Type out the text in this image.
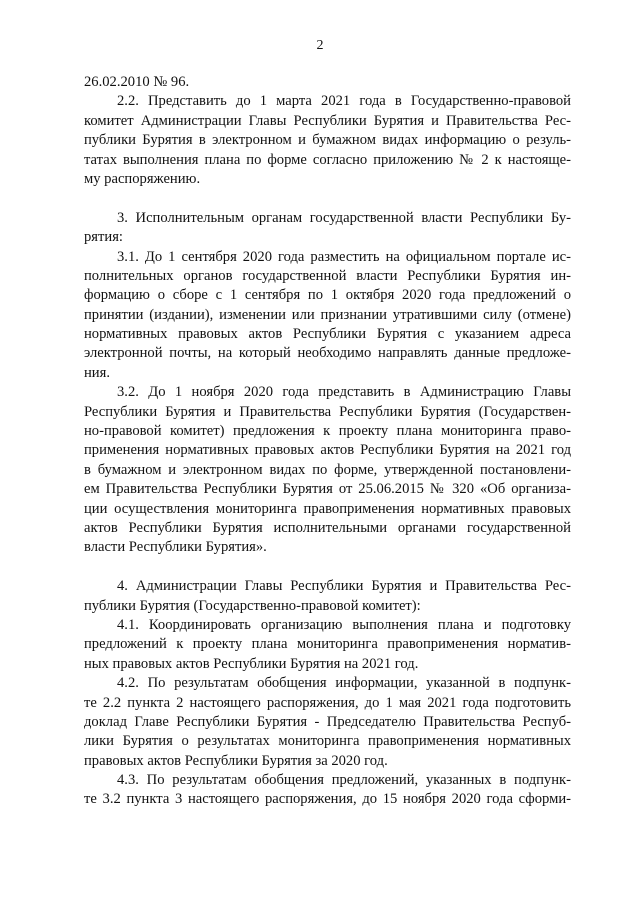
2
26.02.2010 № 96.
2.2. Представить до 1 марта 2021 года в Государственно-правовой
комитет Администрации Главы Республики Бурятия и Правительства Рес-
публики Бурятия в электронном и бумажном видах информацию о резуль-
татах выполнения плана по форме согласно приложению № 2 к настояще-
му распоряжению.
3. Исполнительным органам государственной власти Республики Бу-
рятия:
3.1. До 1 сентября 2020 года разместить на официальном портале ис-
полнительных органов государственной власти Республики Бурятия ин-
формацию о сборе с 1 сентября по 1 октября 2020 года предложений о
принятии (издании), изменении или признании утратившими силу (отмене)
нормативных правовых актов Республики Бурятия с указанием адреса
электронной почты, на который необходимо направлять данные предложе-
ния.
3.2. До 1 ноября 2020 года представить в Администрацию Главы
Республики Бурятия и Правительства Республики Бурятия (Государствен-
но-правовой комитет) предложения к проекту плана мониторинга право-
применения нормативных правовых актов Республики Бурятия на 2021 год
в бумажном и электронном видах по форме, утвержденной постановлени-
ем Правительства Республики Бурятия от 25.06.2015 № 320 «Об организа-
ции осуществления мониторинга правоприменения нормативных правовых
актов Республики Бурятия исполнительными органами государственной
власти Республики Бурятия».
4. Администрации Главы Республики Бурятия и Правительства Рес-
публики Бурятия (Государственно-правовой комитет):
4.1. Координировать организацию выполнения плана и подготовку
предложений к проекту плана мониторинга правоприменения норматив-
ных правовых актов Республики Бурятия на 2021 год.
4.2. По результатам обобщения информации, указанной в подпунк-
те 2.2 пункта 2 настоящего распоряжения, до 1 мая 2021 года подготовить
доклад Главе Республики Бурятия - Председателю Правительства Респуб-
лики Бурятия о результатах мониторинга правоприменения нормативных
правовых актов Республики Бурятия за 2020 год.
4.3. По результатам обобщения предложений, указанных в подпунк-
те 3.2 пункта 3 настоящего распоряжения, до 15 ноября 2020 года сформи-
